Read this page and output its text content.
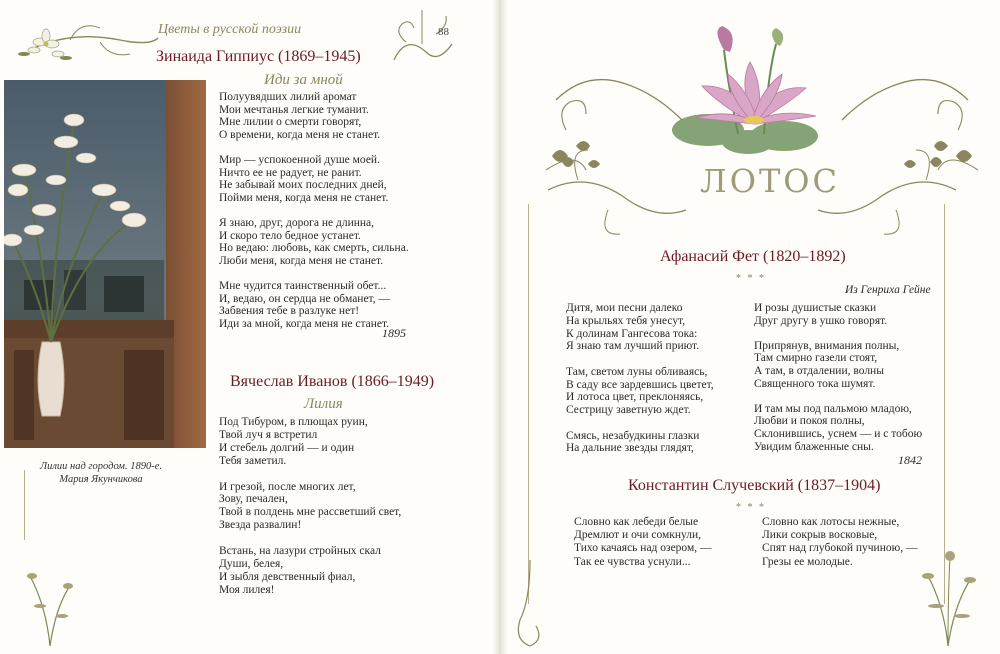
Цветы в русской поэзии	88
Лилии над городом. 1890-е. Мария Якунчикова
Зинаида Гиппиус (1869–1945)
Иди за мной
Полуувядших лилий аромат
Мои мечтанья легкие туманит.
Мне лилии о смерти говорят,
О времени, когда меня не станет.
Мир — успокоенной душе моей.
Ничто ее не радует, не ранит.
Не забывай моих последних дней,
Пойми меня, когда меня не станет.
Я знаю, друг, дорога не длинна,
И скоро тело бедное устанет.
Но ведаю: любовь, как смерть, сильна.
Люби меня, когда меня не станет.
Мне чудится таинственный обет...
И, ведаю, он сердца не обманет, —
Забвения тебе в разлуке нет!
Иди за мной, когда меня не станет.
1895
Вячеслав Иванов (1866–1949)
Лилия
Под Тибуром, в плющах руин,
Твой луч я встретил
И стебель долгий — и один
Тебя заметил.
И грезой, после многих лет,
Зову, печален,
Твой в полдень мне рассветший свет,
Звезда развалин!
Встань, на лазури стройных скал
Души, белея,
И зыбля девственный фиал,
Моя лилея!
ЛОТОС
Афанасий Фет (1820–1892)
* * *
Из Генриха Гейне
Дитя, мои песни далеко
На крыльях тебя унесут,
К долинам Гангесова тока:
Я знаю там лучший приют.
Там, светом луны обливаясь,
В саду все зардевшись цветет,
И лотоса цвет, преклоняясь,
Сестрицу заветную ждет.
Смясь, незабудкины глазки
На дальние звезды глядят,
И розы душистые сказки
Друг другу в ушко говорят.
Припрянув, внимания полны,
Там смирно газели стоят,
А там, в отдалении, волны
Священного тока шумят.
И там мы под пальмою младою,
Любви и покоя полны,
Склонившись, уснем — и с тобою
Увидим блаженные сны.
1842
Константин Случевский (1837–1904)
* * *
Словно как лебеди белые
Дремлют и очи сомкнули,
Тихо качаясь над озером, —
Так ее чувства уснули...
Словно как лотосы нежные,
Лики сокрыв восковые,
Спят над глубокой пучиною, —
Грезы ее молодые.
